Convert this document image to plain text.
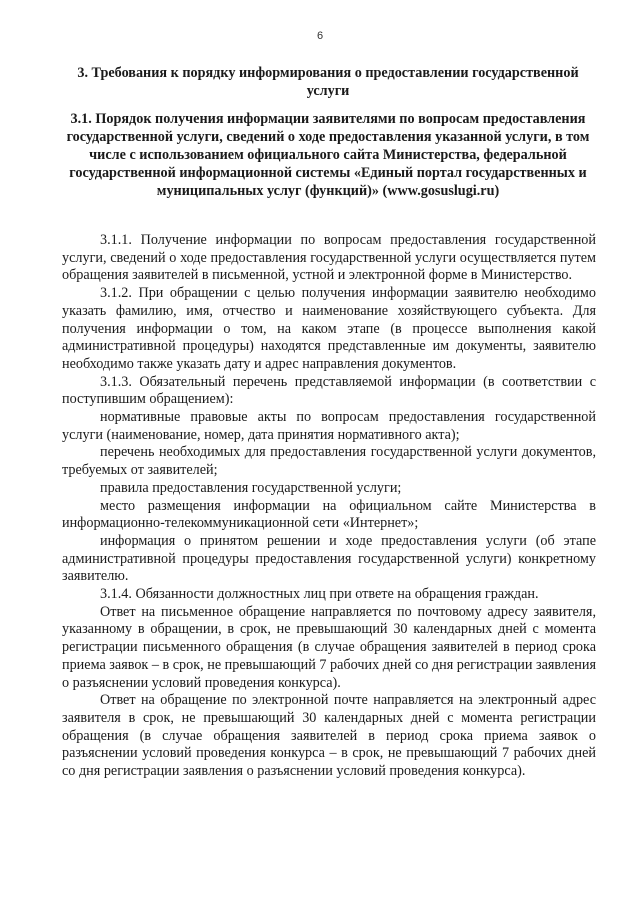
6
3. Требования к порядку информирования о предоставлении государственной услуги
3.1. Порядок получения информации заявителями по вопросам предоставления государственной услуги, сведений о ходе предоставления указанной услуги, в том числе с использованием официального сайта Министерства, федеральной государственной информационной системы «Единый портал государственных и муниципальных услуг (функций)» (www.gosuslugi.ru)

3.1.1. Получение информации по вопросам предоставления государственной услуги, сведений о ходе предоставления государственной услуги осуществляется путем обращения заявителей в письменной, устной и электронной форме в Министерство.

3.1.2. При обращении с целью получения информации заявителю необходимо указать фамилию, имя, отчество и наименование хозяйствующего субъекта. Для получения информации о том, на каком этапе (в процессе выполнения какой административной процедуры) находятся представленные им документы, заявителю необходимо также указать дату и адрес направления документов.

3.1.3. Обязательный перечень представляемой информации (в соответствии с поступившим обращением):

нормативные правовые акты по вопросам предоставления государственной услуги (наименование, номер, дата принятия нормативного акта);

перечень необходимых для предоставления государственной услуги документов, требуемых от заявителей;

правила предоставления государственной услуги;

место размещения информации на официальном сайте Министерства в информационно-телекоммуникационной сети «Интернет»;

информация о принятом решении и ходе предоставления услуги (об этапе административной процедуры предоставления государственной услуги) конкретному заявителю.

3.1.4. Обязанности должностных лиц при ответе на обращения граждан.

Ответ на письменное обращение направляется по почтовому адресу заявителя, указанному в обращении, в срок, не превышающий 30 календарных дней с момента регистрации письменного обращения (в случае обращения заявителей в период срока приема заявок – в срок, не превышающий 7 рабочих дней со дня регистрации заявления о разъяснении условий проведения конкурса).

Ответ на обращение по электронной почте направляется на электронный адрес заявителя в срок, не превышающий 30 календарных дней с момента регистрации обращения (в случае обращения заявителей в период срока приема заявок о разъяснении условий проведения конкурса – в срок, не превышающий 7 рабочих дней со дня регистрации заявления о разъяснении условий проведения конкурса).
